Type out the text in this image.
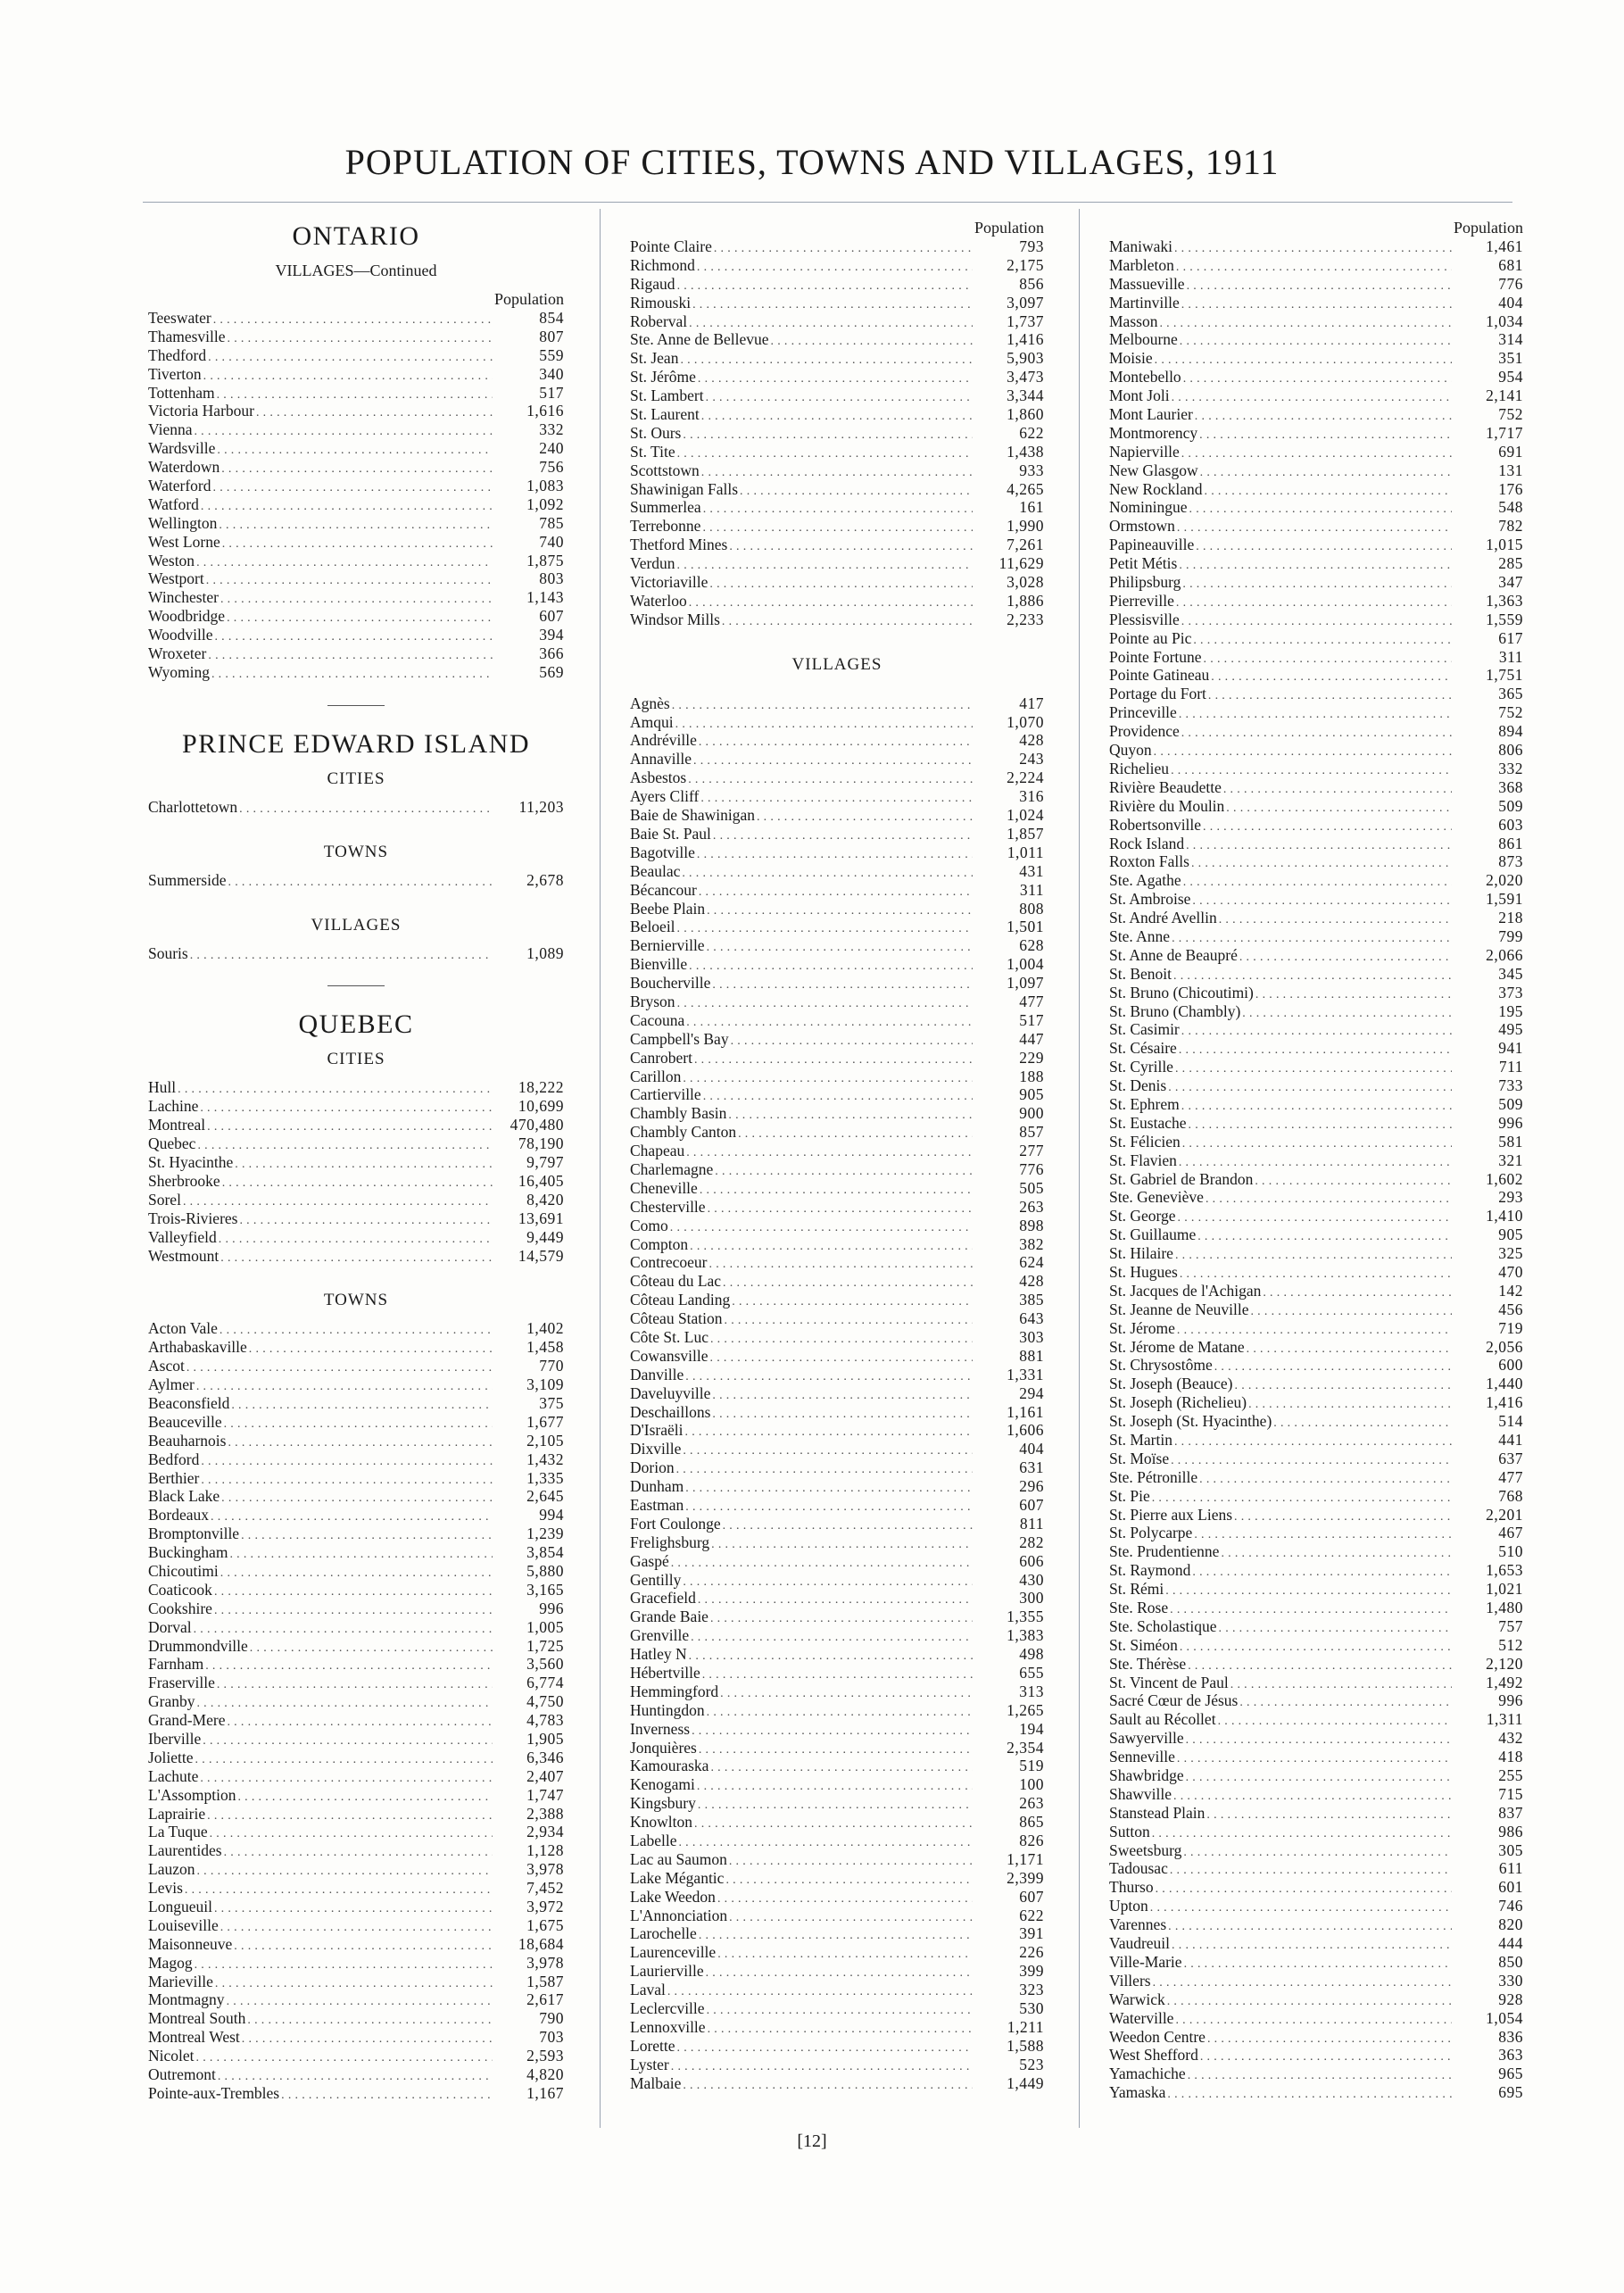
POPULATION OF CITIES, TOWNS AND VILLAGES, 1911
ONTARIO
VILLAGES—Continued
Population
Teeswater .....	854
Thamesville .....	807
Thedford .....	559
Tiverton .....	340
Tottenham .....	517
Victoria Harbour .....	1,616
Vienna .....	332
Wardsville .....	240
Waterdown .....	756
Waterford .....	1,083
Watford .....	1,092
Wellington .....	785
West Lorne .....	740
Weston .....	1,875
Westport .....	803
Winchester .....	1,143
Woodbridge .....	607
Woodville .....	394
Wroxeter .....	366
Wyoming .....	569
PRINCE EDWARD ISLAND
CITIES
Charlottetown .....	11,203
TOWNS
Summerside .....	2,678
VILLAGES
Souris .....	1,089
QUEBEC
CITIES
Hull .....	18,222
Lachine .....	10,699
Montreal .....	470,480
Quebec .....	78,190
St. Hyacinthe .....	9,797
Sherbrooke .....	16,405
Sorel .....	8,420
Trois-Rivieres .....	13,691
Valleyfield .....	9,449
Westmount .....	14,579
TOWNS
Acton Vale .....	1,402
Arthabaskaville .....	1,458
Ascot .....	770
Aylmer .....	3,109
Beaconsfield .....	375
Beauceville .....	1,677
Beauharnois .....	2,105
Bedford .....	1,432
Berthier .....	1,335
Black Lake .....	2,645
Bordeaux .....	994
Bromptonville .....	1,239
Buckingham .....	3,854
Chicoutimi .....	5,880
Coaticook .....	3,165
Cookshire .....	996
Dorval .....	1,005
Drummondville .....	1,725
Farnham .....	3,560
Fraserville .....	6,774
Granby .....	4,750
Grand-Mere .....	4,783
Iberville .....	1,905
Joliette .....	6,346
Lachute .....	2,407
L'Assomption .....	1,747
Laprairie .....	2,388
La Tuque .....	2,934
Laurentides .....	1,128
Lauzon .....	3,978
Levis .....	7,452
Longueuil .....	3,972
Louiseville .....	1,675
Maisonneuve .....	18,684
Magog .....	3,978
Marieville .....	1,587
Montmagny .....	2,617
Montreal South .....	790
Montreal West .....	703
Nicolet .....	2,593
Outremont .....	4,820
Pointe-aux-Trembles .....	1,167
Population
Pointe Claire .....	793
Richmond .....	2,175
Rigaud .....	856
Rimouski .....	3,097
Roberval .....	1,737
Ste. Anne de Bellevue .....	1,416
St. Jean .....	5,903
St. Jérôme .....	3,473
St. Lambert .....	3,344
St. Laurent .....	1,860
St. Ours .....	622
St. Tite .....	1,438
Scottstown .....	933
Shawinigan Falls .....	4,265
Summerlea .....	161
Terrebonne .....	1,990
Thetford Mines .....	7,261
Verdun .....	11,629
Victoriaville .....	3,028
Waterloo .....	1,886
Windsor Mills .....	2,233
VILLAGES
Agnès .....	417
Amqui .....	1,070
Andréville .....	428
Annaville .....	243
Asbestos .....	2,224
Ayers Cliff .....	316
Baie de Shawinigan .....	1,024
Baie St. Paul .....	1,857
Bagotville .....	1,011
Beaulac .....	431
Bécancour .....	311
Beebe Plain .....	808
Beloeil .....	1,501
Bernierville .....	628
Bienville .....	1,004
Boucherville .....	1,097
Bryson .....	477
Cacouna .....	517
Campbell's Bay .....	447
Canrobert .....	229
Carillon .....	188
Cartierville .....	905
Chambly Basin .....	900
Chambly Canton .....	857
Chapeau .....	277
Charlemagne .....	776
Cheneville .....	505
Chesterville .....	263
Como .....	898
Compton .....	382
Contrecoeur .....	624
Côteau du Lac .....	428
Côteau Landing .....	385
Côteau Station .....	643
Côte St. Luc .....	303
Cowansville .....	881
Danville .....	1,331
Daveluyville .....	294
Deschaillons .....	1,161
D'Israëli .....	1,606
Dixville .....	404
Dorion .....	631
Dunham .....	296
Eastman .....	607
Fort Coulonge .....	811
Frelighsburg .....	282
Gaspé .....	606
Gentilly .....	430
Gracefield .....	300
Grande Baie .....	1,355
Grenville .....	1,383
Hatley N .....	498
Hébertville .....	655
Hemmingford .....	313
Huntingdon .....	1,265
Inverness .....	194
Jonquières .....	2,354
Kamouraska .....	519
Kenogami .....	100
Kingsbury .....	263
Knowlton .....	865
Labelle .....	826
Lac au Saumon .....	1,171
Lake Mégantic .....	2,399
Lake Weedon .....	607
L'Annonciation .....	622
Larochelle .....	391
Laurenceville .....	226
Laurierville .....	399
Laval .....	323
Leclercville .....	530
Lennoxville .....	1,211
Lorette .....	1,588
Lyster .....	523
Malbaie .....	1,449
Population
Maniwaki .....	1,461
Marbleton .....	681
Massueville .....	776
Martinville .....	404
Masson .....	1,034
Melbourne .....	314
Moisie .....	351
Montebello .....	954
Mont Joli .....	2,141
Mont Laurier .....	752
Montmorency .....	1,717
Napierville .....	691
New Glasgow .....	131
New Rockland .....	176
Nominingue .....	548
Ormstown .....	782
Papineauville .....	1,015
Petit Métis .....	285
Philipsburg .....	347
Pierreville .....	1,363
Plessisville .....	1,559
Pointe au Pic .....	617
Pointe Fortune .....	311
Pointe Gatineau .....	1,751
Portage du Fort .....	365
Princeville .....	752
Providence .....	894
Quyon .....	806
Richelieu .....	332
Rivière Beaudette .....	368
Rivière du Moulin .....	509
Robertsonville .....	603
Rock Island .....	861
Roxton Falls .....	873
Ste. Agathe .....	2,020
St. Ambroise .....	1,591
St. André Avellin .....	218
Ste. Anne .....	799
St. Anne de Beaupré .....	2,066
St. Benoit .....	345
St. Bruno (Chicoutimi) .....	373
St. Bruno (Chambly) .....	195
St. Casimir .....	495
St. Césaire .....	941
St. Cyrille .....	711
St. Denis .....	733
St. Ephrem .....	509
St. Eustache .....	996
St. Félicien .....	581
St. Flavien .....	321
St. Gabriel de Brandon .....	1,602
Ste. Geneviève .....	293
St. George .....	1,410
St. Guillaume .....	905
St. Hilaire .....	325
St. Hugues .....	470
St. Jacques de l'Achigan .....	142
St. Jeanne de Neuville .....	456
St. Jérome .....	719
St. Jérome de Matane .....	2,056
St. Chrysostôme .....	600
St. Joseph (Beauce) .....	1,440
St. Joseph (Richelieu) .....	1,416
St. Joseph (St. Hyacinthe) .....	514
St. Martin .....	441
St. Moïse .....	637
Ste. Pétronille .....	477
St. Pie .....	768
St. Pierre aux Liens .....	2,201
St. Polycarpe .....	467
Ste. Prudentienne .....	510
St. Raymond .....	1,653
St. Rémi .....	1,021
Ste. Rose .....	1,480
Ste. Scholastique .....	757
St. Siméon .....	512
Ste. Thérèse .....	2,120
St. Vincent de Paul .....	1,492
Sacré Cœur de Jésus .....	996
Sault au Récollet .....	1,311
Sawyerville .....	432
Senneville .....	418
Shawbridge .....	255
Shawville .....	715
Stanstead Plain .....	837
Sutton .....	986
Sweetsburg .....	305
Tadousac .....	611
Thurso .....	601
Upton .....	746
Varennes .....	820
Vaudreuil .....	444
Ville-Marie .....	850
Villers .....	330
Warwick .....	928
Waterville .....	1,054
Weedon Centre .....	836
West Shefford .....	363
Yamachiche .....	965
Yamaska .....	695
[12]
